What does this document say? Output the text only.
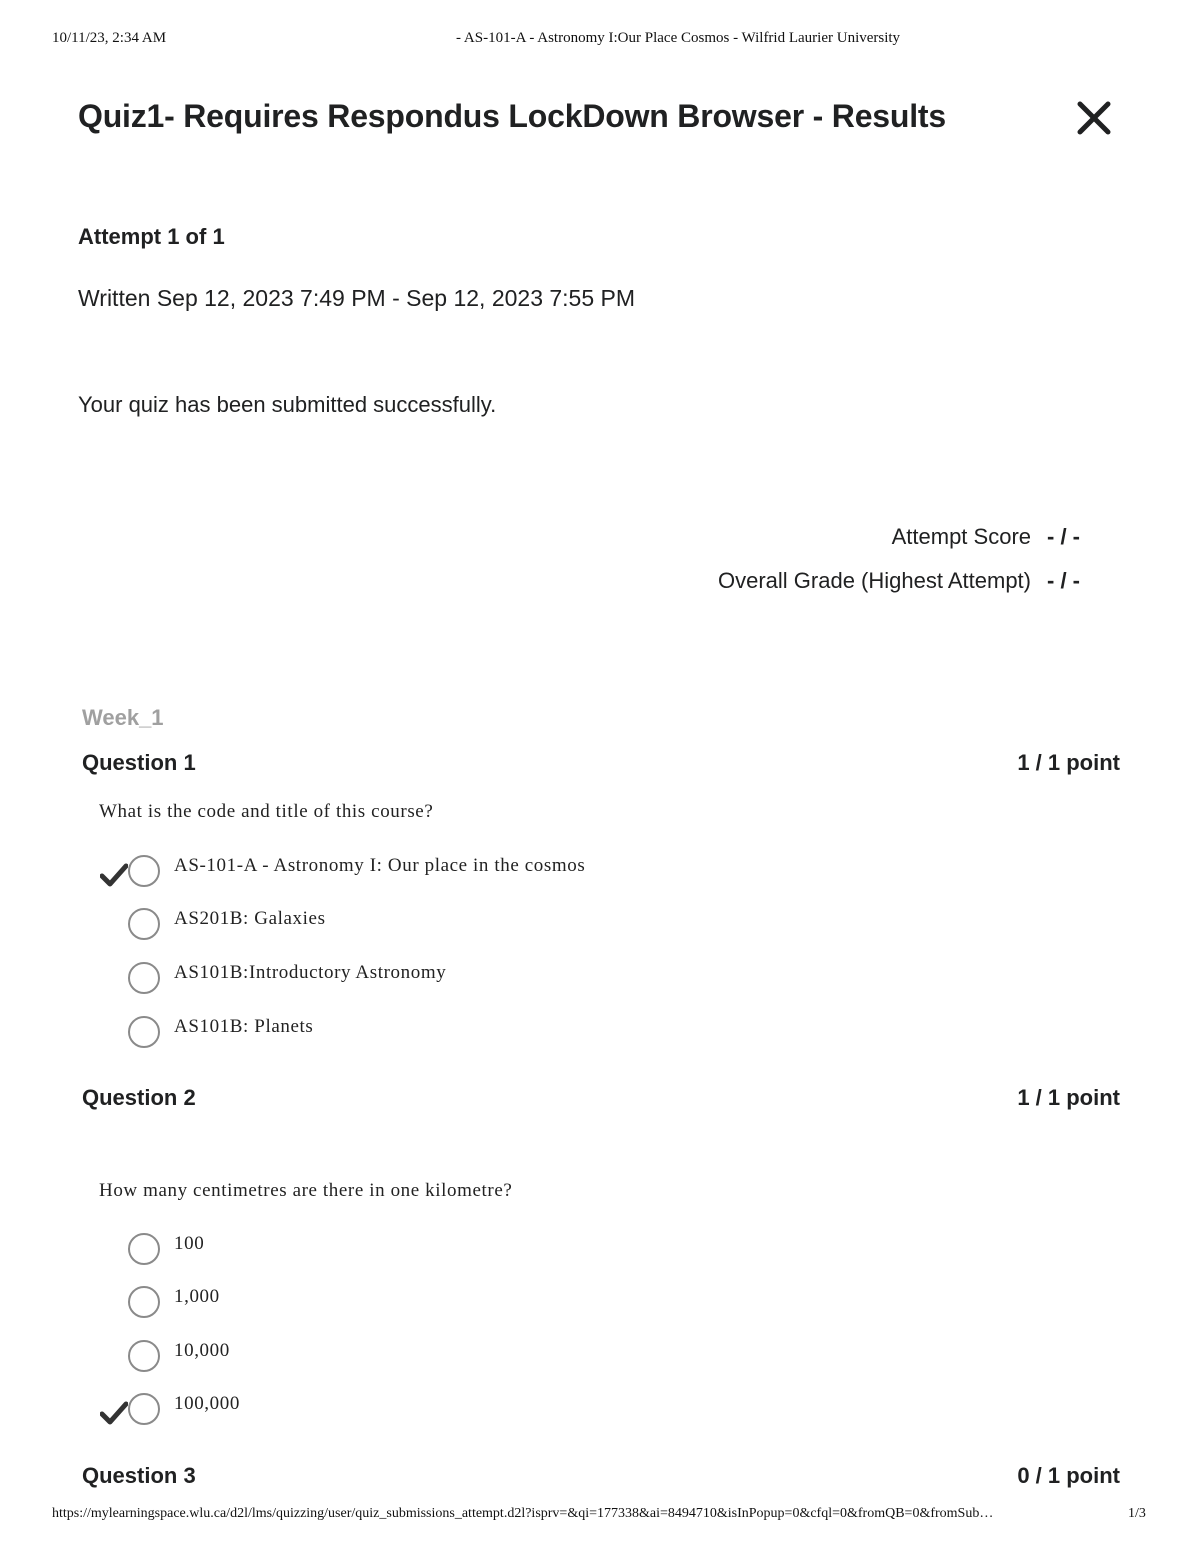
10/11/23, 2:34 AM	- AS-101-A - Astronomy I:Our Place Cosmos - Wilfrid Laurier University
Quiz1- Requires Respondus LockDown Browser - Results
Attempt 1 of 1
Written Sep 12, 2023 7:49 PM - Sep 12, 2023 7:55 PM
Your quiz has been submitted successfully.
Attempt Score - / -
Overall Grade (Highest Attempt) - / -
Week_1
Question 1	1 / 1 point
What is the code and title of this course?
AS-101-A - Astronomy I: Our place in the cosmos
AS201B: Galaxies
AS101B:Introductory Astronomy
AS101B: Planets
Question 2	1 / 1 point
How many centimetres are there in one kilometre?
100
1,000
10,000
100,000
Question 3	0 / 1 point
https://mylearningspace.wlu.ca/d2l/lms/quizzing/user/quiz_submissions_attempt.d2l?isprv=&qi=177338&ai=8494710&isInPopup=0&cfql=0&fromQB=0&fromSub…	1/3
